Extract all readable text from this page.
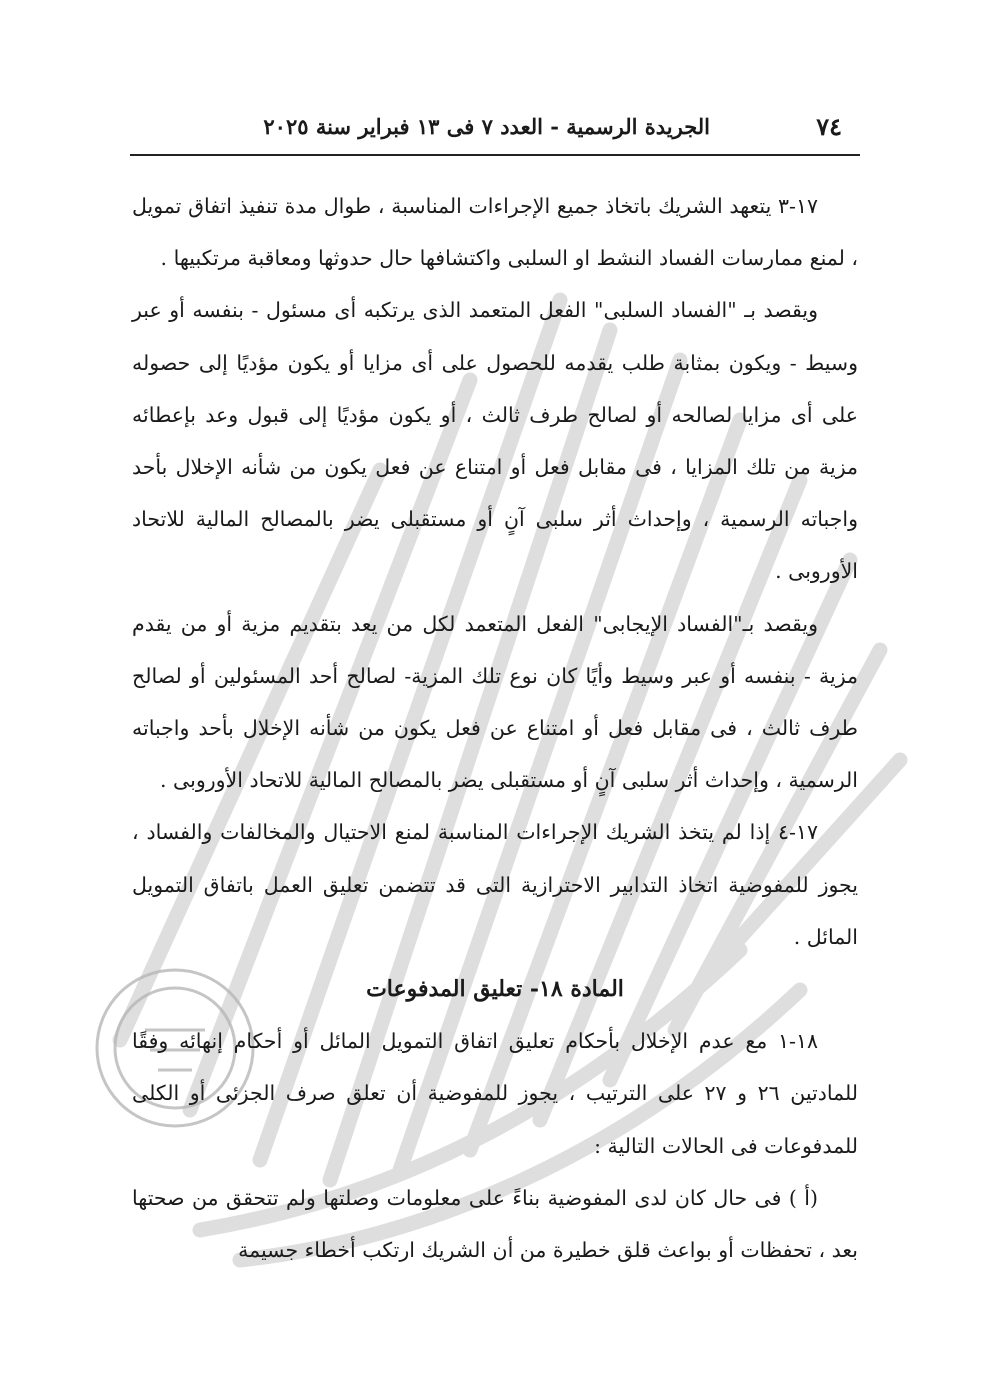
٧٤
الجريدة الرسمية - العدد ٧ فى ١٣ فبراير سنة ٢٠٢٥

١٧-٣ يتعهد الشريك باتخاذ جميع الإجراءات المناسبة ، طوال مدة تنفيذ اتفاق تمويل ، لمنع ممارسات الفساد النشط او السلبى واكتشافها حال حدوثها ومعاقبة مرتكبيها .

ويقصد بـ "الفساد السلبى" الفعل المتعمد الذى يرتكبه أى مسئول - بنفسه أو عبر وسيط - ويكون بمثابة طلب يقدمه للحصول على أى مزايا أو يكون مؤديًا إلى حصوله على أى مزايا لصالحه أو لصالح طرف ثالث ، أو يكون مؤديًا إلى قبول وعد بإعطائه مزية من تلك المزايا ، فى مقابل فعل أو امتناع عن فعل يكون من شأنه الإخلال بأحد واجباته الرسمية ، وإحداث أثر سلبى آنٍ أو مستقبلى يضر بالمصالح المالية للاتحاد الأوروبى .

ويقصد بـ"الفساد الإيجابى" الفعل المتعمد لكل من يعد بتقديم مزية أو من يقدم مزية - بنفسه أو عبر وسيط وأيًا كان نوع تلك المزية- لصالح أحد المسئولين أو لصالح طرف ثالث ، فى مقابل فعل أو امتناع عن فعل يكون من شأنه الإخلال بأحد واجباته الرسمية ، وإحداث أثر سلبى آنٍ أو مستقبلى يضر بالمصالح المالية للاتحاد الأوروبى .

١٧-٤ إذا لم يتخذ الشريك الإجراءات المناسبة لمنع الاحتيال والمخالفات والفساد ، يجوز للمفوضية اتخاذ التدابير الاحترازية التى قد تتضمن تعليق العمل باتفاق التمويل المائل .

المادة ١٨- تعليق المدفوعات

١٨-١ مع عدم الإخلال بأحكام تعليق اتفاق التمويل المائل أو أحكام إنهائه وفقًا للمادتين ٢٦ و ٢٧ على الترتيب ، يجوز للمفوضية أن تعلق صرف الجزئى أو الكلى للمدفوعات فى الحالات التالية :

(أ ) فى حال كان لدى المفوضية بناءً على معلومات وصلتها ولم تتحقق من صحتها بعد ، تحفظات أو بواعث قلق خطيرة من أن الشريك ارتكب أخطاء جسيمة
